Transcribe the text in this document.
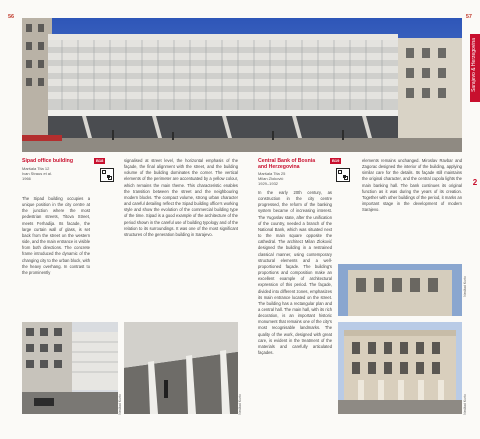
56	57
Sarajevo & Herzegovina
2
Sipad office building
Maršala Tita 12
Ivan Straus et al.
1966
B18	Central Bank of Bosnia and Herzegovina
Maršala Tita 25
Milan Zloković
1929–1932
B19

The Sipad building occupies a unique position in the city centre at the junction where the most pedestrian streets, Titova Street, meets Ferhadija. Its facade, the large curtain wall of glass, is set back from the street on the western side, and the main entrance is visible from both directions. The concrete frame introduced the dynamic of the changing city to the urban block, with the heavy overhang. In contrast to the prominently

signalised at street level, the horizontal emphasis of the façade, the final alignment with the street, and the building volume of the building dominates the corner. The vertical elements of the perimeter are accentuated by a yellow colour, which remains the main theme. This characteristic enables the transition between the street and the neighbouring modern blocks. The compact volume, strong urban character and careful detailing reflect the Sipad building office's working style and show the evolution of the commercial building type of the time. Sipad is a good example of the architecture of the period shown in the careful use of building typology and of the relation to its surroundings. It was one of the most significant structures of the generation building in Sarajevo.

In the early 20th century, as construction in the city centre progressed, the reform of the banking system became of increasing interest. The Yugoslav state, after the unification of the country, needed a branch of the National Bank, which was situated next to the main square opposite the cathedral. The architect Milan Zloković designed the building in a restrained classical manner, using contemporary structural elements and a well-proportioned façade. The building's proportions and composition make an excellent example of architectural expression of this period. The façade, divided into different zones, emphasizes its main entrance located on the street. The building has a rectangular plan and a central hall. The main hall, with its rich decoration, is an important historic monument that remains one of the city's most recognisable landmarks. The quality of the work, designed with great care, is evident in the treatment of the materials and carefully articulated façades.

elements remains unchanged. Miroslav Ravbar and Zagorac designed the interior of the building, applying similar care for the details. Its façade still maintains the original character, and the central cupola lights the main banking hall. The bank continues its original function as it was during the years of its creation. Together with other buildings of the period, it marks an important stage in the development of modern Sarajevo.

Nedžad Kurto	Nedžad Kurto
Nedžad Kurto
Nedžad Kurto
